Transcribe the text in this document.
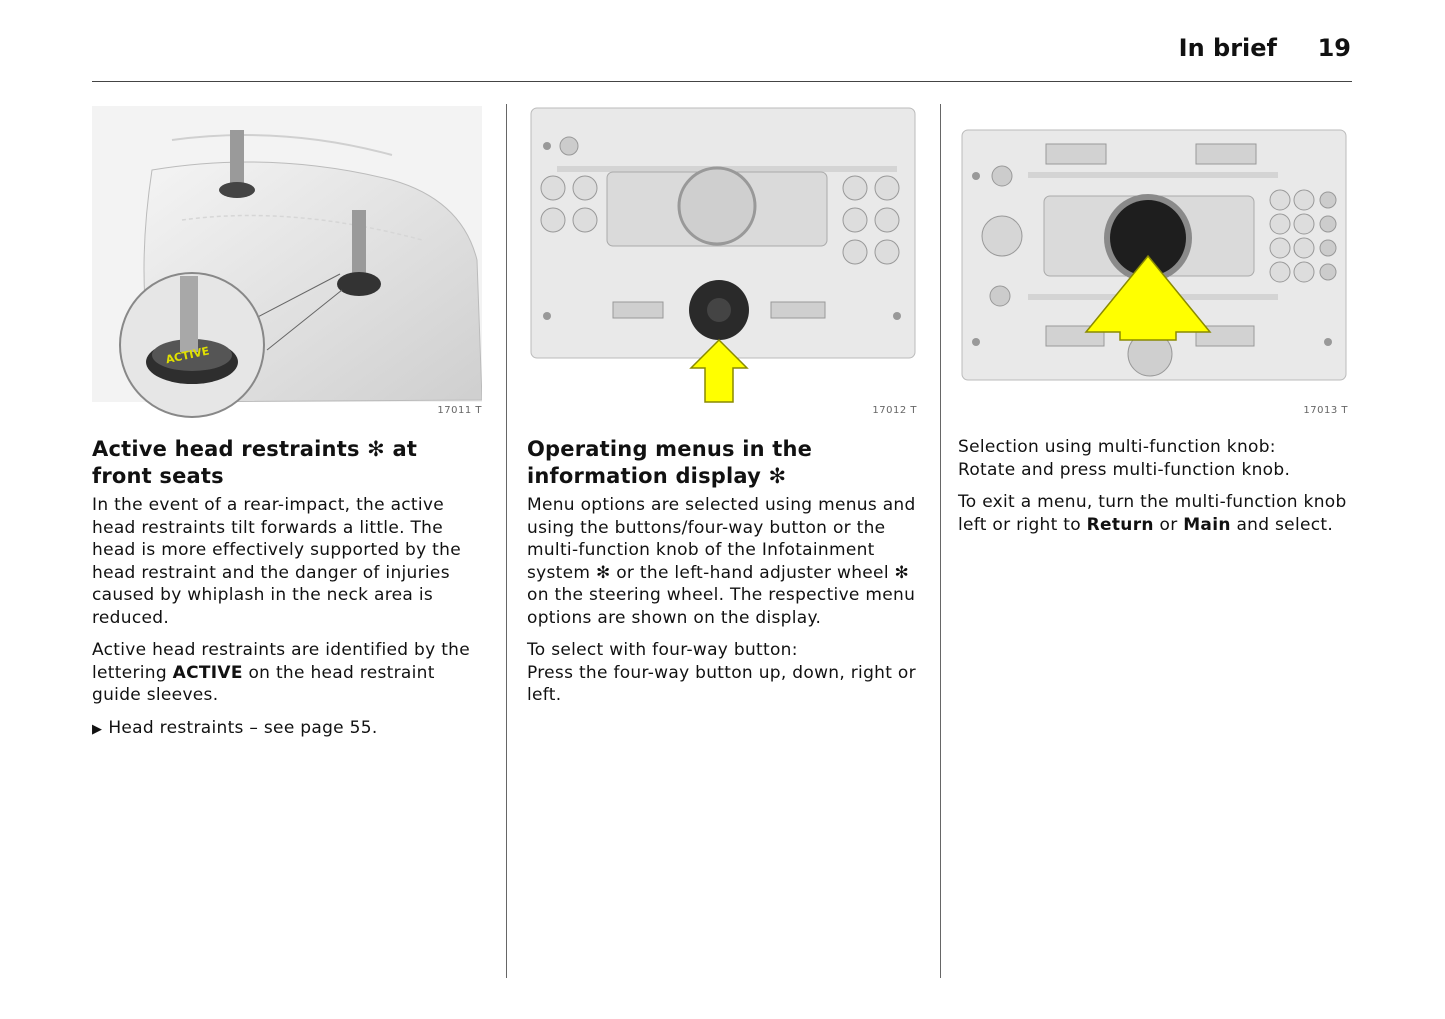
In brief 19
ACTIVE
17011 T
Active head restraints ✻ at front seats

In the event of a rear-impact, the active head restraints tilt forwards a little. The head is more effectively supported by the head restraint and the danger of injuries caused by whiplash in the neck area is reduced.

Active head restraints are identified by the lettering ACTIVE on the head restraint guide sleeves.

▶ Head restraints – see page 55.

17012 T
Operating menus in the information display ✻

Menu options are selected using menus and using the buttons/four-way button or the multi-function knob of the Infotainment system ✻ or the left-hand adjuster wheel ✻ on the steering wheel. The respective menu options are shown on the display.

To select with four-way button:
Press the four-way button up, down, right or left.

17013 T

Selection using multi-function knob:
Rotate and press multi-function knob.

To exit a menu, turn the multi-function knob left or right to Return or Main and select.
